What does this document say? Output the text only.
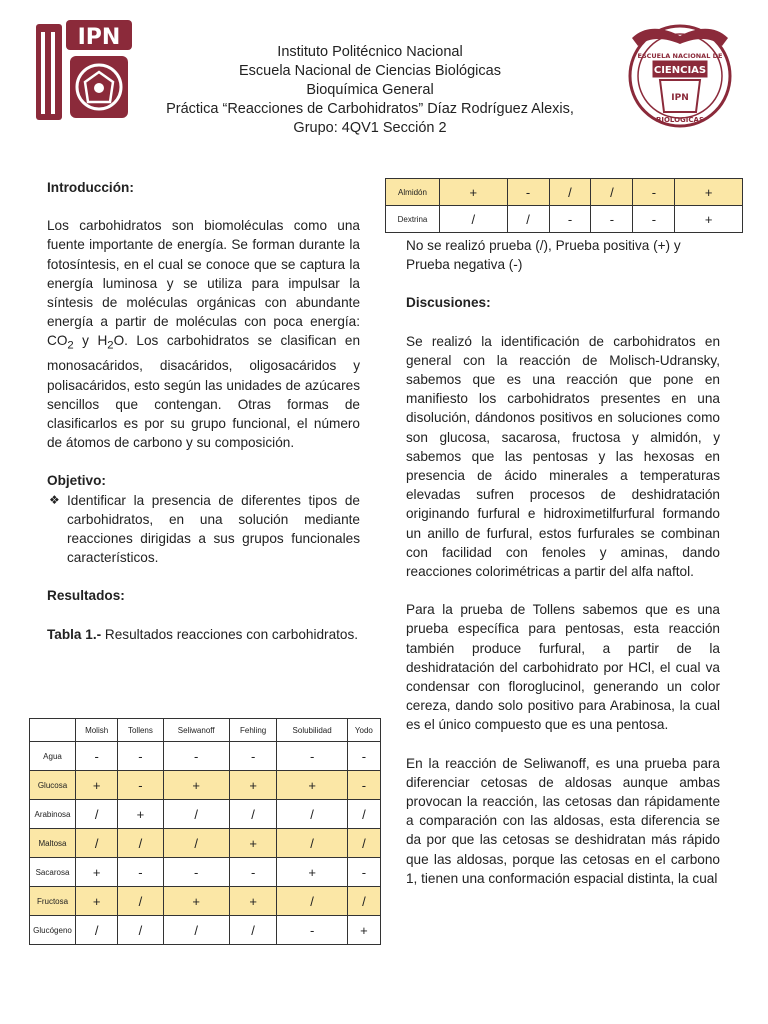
IPN
ESCUELA NACIONAL DE
CIENCIAS
BIOLOGICAS
IPN
Instituto Politécnico Nacional
Escuela Nacional de Ciencias Biológicas
Bioquímica General
Práctica “Reacciones de Carbohidratos” Díaz Rodríguez Alexis,
Grupo: 4QV1 Sección 2
Introducción:

Los carbohidratos son biomoléculas como una fuente importante de energía. Se forman durante la fotosíntesis, en el cual se conoce que se captura la energía luminosa y se utiliza para impulsar la síntesis de moléculas orgánicas con abundante energía a partir de moléculas con poca energía: $CO_2$ y $H_2O$. Los carbohidratos se clasifican en monosacáridos, disacáridos, oligosacáridos y polisacáridos, esto según las unidades de azúcares sencillos que contengan. Otras formas de clasificarlos es por su grupo funcional, el número de átomos de carbono y su composición.

Objetivo:
❖ Identificar la presencia de diferentes tipos de carbohidratos, en una solución mediante reacciones dirigidas a sus grupos funcionales característicos.
Resultados:

Tabla 1.- Resultados reacciones con carbohidratos.

	Molish	Tollens	Seliwanoff	Fehling	Solubilidad	Yodo
Agua	-	-	-	-	-	-
Glucosa	+	-	+	+	+	-
Arabinosa	/	+	/	/	/	/
Maltosa	/	/	/	+	/	/
Sacarosa	+	-	-	-	+	-
Fructosa	+	/	+	+	/	/
Glucógeno	/	/	/	/	-	+
Almidón	+	-	/	/	-	+
Dextrina	/	/	-	-	-	+

No se realizó prueba (/), Prueba positiva (+) y Prueba negativa (-)

Discusiones:

Se realizó la identificación de carbohidratos en general con la reacción de Molisch-Udransky, sabemos que es una reacción que pone en manifiesto los carbohidratos presentes en una disolución, dándonos positivos en soluciones como son glucosa, sacarosa, fructosa y almidón, y sabemos que las pentosas y las hexosas en presencia de ácido minerales a temperaturas elevadas sufren procesos de deshidratación originando furfural e hidroximetilfurfural formando un anillo de furfural, estos furfurales se combinan con facilidad con fenoles y aminas, dando reacciones colorimétricas a partir del alfa naftol.

Para la prueba de Tollens sabemos que es una prueba específica para pentosas, esta reacción también produce furfural, a partir de la deshidratación del carbohidrato por HCl, el cual va condensar con floroglucinol, generando un color cereza, dando solo positivo para Arabinosa, la cual es el único compuesto que es una pentosa.

En la reacción de Seliwanoff, es una prueba para diferenciar cetosas de aldosas aunque ambas provocan la reacción, las cetosas dan rápidamente a comparación con las aldosas, esta diferencia se da por que las cetosas se deshidratan más rápido que las aldosas, porque las cetosas en el carbono 1, tienen una conformación espacial distinta, la cual
